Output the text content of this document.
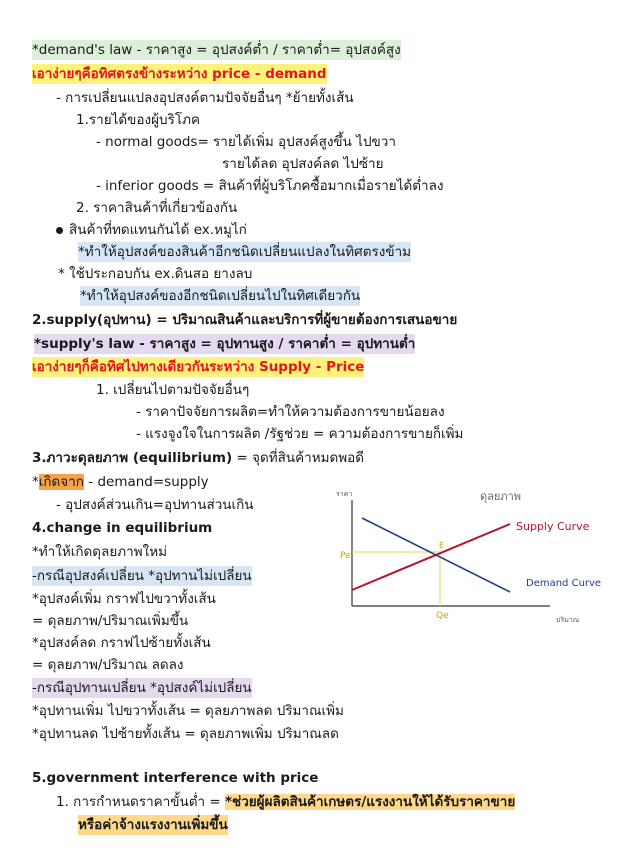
*demand's law - ราคาสูง = อุปสงค์ต่ำ / ราคาต่ำ= อุปสงค์สูง
เอาง่ายๆคือทิศตรงข้างระหว่าง price - demand
- การเปลี่ยนแปลงอุปสงค์ตามปัจจัยอื่นๆ *ย้ายทั้งเส้น
1.รายได้ของผู้บริโภค
- normal goods= รายได้เพิ่ม อุปสงค์สูงขึ้น ไปขวา
รายได้ลด อุปสงค์ลด ไปซ้าย
- inferior goods = สินค้าที่ผู้บริโภคซื้อมากเมื่อรายได้ต่ำลง
2. ราคาสินค้าที่เกี่ยวข้องกัน
สินค้าที่ทดแทนกันได้ ex.หมูไก่
*ทำให้อุปสงค์ของสินค้าอีกชนิดเปลี่ยนแปลงในทิศตรงข้าม
* ใช้ประกอบกัน ex.ดินสอ ยางลบ
*ทำให้อุปสงค์ของอีกชนิดเปลี่ยนไปในทิศเดียวกัน
2.supply(อุปทาน) = ปริมาณสินค้าและบริการที่ผู้ขายต้องการเสนอขาย
*supply's law - ราคาสูง = อุปทานสูง / ราคาต่ำ = อุปทานต่ำ
เอาง่ายๆก็คือทิศไปทางเดียวกันระหว่าง Supply - Price
1. เปลี่ยนไปตามปัจจัยอื่นๆ
- ราคาปัจจัยการผลิต=ทำให้ความต้องการขายน้อยลง
- แรงจูงใจในการผลิต /รัฐช่วย = ความต้องการขายก็เพิ่ม
3.ภาวะดุลยภาพ (equilibrium) = จุดที่สินค้าหมดพอดี
*เกิดจาก - demand=supply
- อุปสงค์ส่วนเกิน=อุปทานส่วนเกิน
4.change in equilibrium
*ทำให้เกิดดุลยภาพใหม่
-กรณีอุปสงค์เปลี่ยน *อุปทานไม่เปลี่ยน
*อุปสงค์เพิ่ม กราฟไปขวาทั้งเส้น
= ดุลยภาพ/ปริมาณเพิ่มขึ้น
*อุปสงค์ลด กราฟไปซ้ายทั้งเส้น
= ดุลยภาพ/ปริมาณ ลดลง
-กรณีอุปทานเปลี่ยน *อุปสงค์ไม่เปลี่ยน
*อุปทานเพิ่ม ไปขวาทั้งเส้น = ดุลยภาพลด ปริมาณเพิ่ม
*อุปทานลด ไปซ้ายทั้งเส้น = ดุลยภาพเพิ่ม ปริมาณลด
5.government interference with price
1. การกำหนดราคาขั้นต่ำ = *ช่วยผู้ผลิตสินค้าเกษตร/แรงงานให้ได้รับราคาขาย
หรือค่าจ้างแรงงานเพิ่มขึ้น
ราคา	ดุลยภาพ
ปริมาณ
Pe
Qe
E
Supply Curve
Demand Curve
